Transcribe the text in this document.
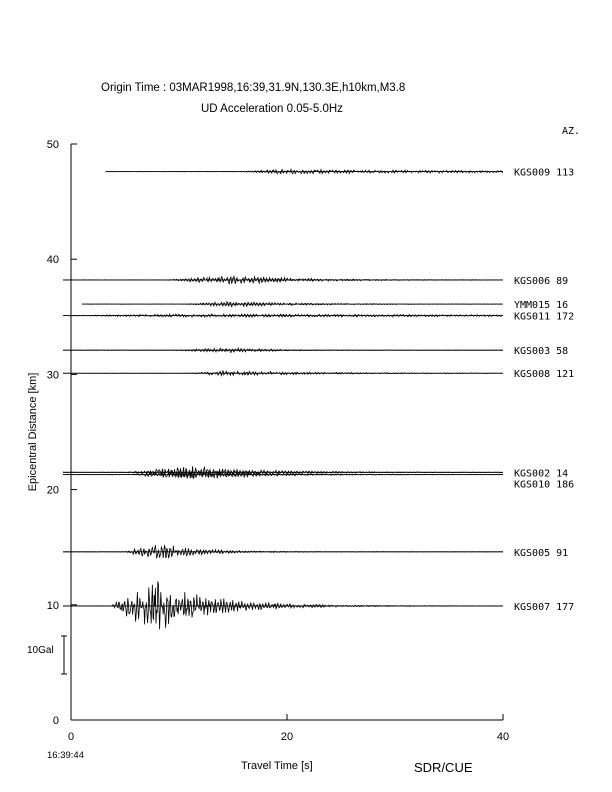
Origin Time : 03MAR1998,16:39,31.9N,130.3E,h10km,M3.8
UD Acceleration 0.05-5.0Hz
AZ.
Epicentral Distance [km]
Travel Time [s]
16:39:44
SDR/CUE
10Gal
0
10
20
30
40
50
0	20	40
KGS009 113
KGS006 89
YMM015 16
KGS011 172
KGS003 58
KGS008 121
KGS002 14
KGS010 186
KGS005 91
KGS007 177
